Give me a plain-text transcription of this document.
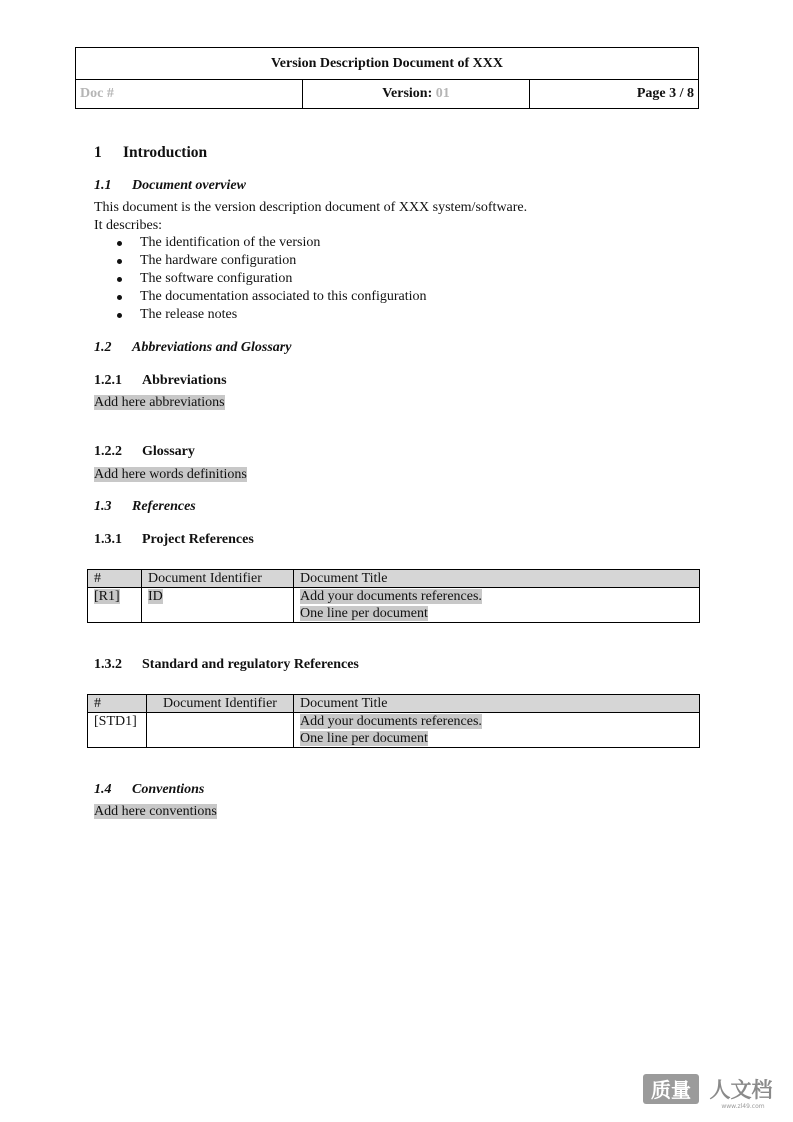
Version Description Document of XXX
Doc #	Version: 01	Page 3 / 8
1 Introduction
1.1 Document overview
This document is the version description document of XXX system/software.
It describes:
The identification of the version
The hardware configuration
The software configuration
The documentation associated to this configuration
The release notes
1.2 Abbreviations and Glossary
1.2.1 Abbreviations
Add here abbreviations
1.2.2 Glossary
Add here words definitions
1.3 References
1.3.1 Project References
#	Document Identifier	Document Title
[R1]	ID	Add your documents references.
One line per document
1.3.2 Standard and regulatory References
#	Document Identifier	Document Title
[STD1]		Add your documents references.
One line per document
1.4 Conventions
Add here conventions
质量 人文档
www.zl49.com
